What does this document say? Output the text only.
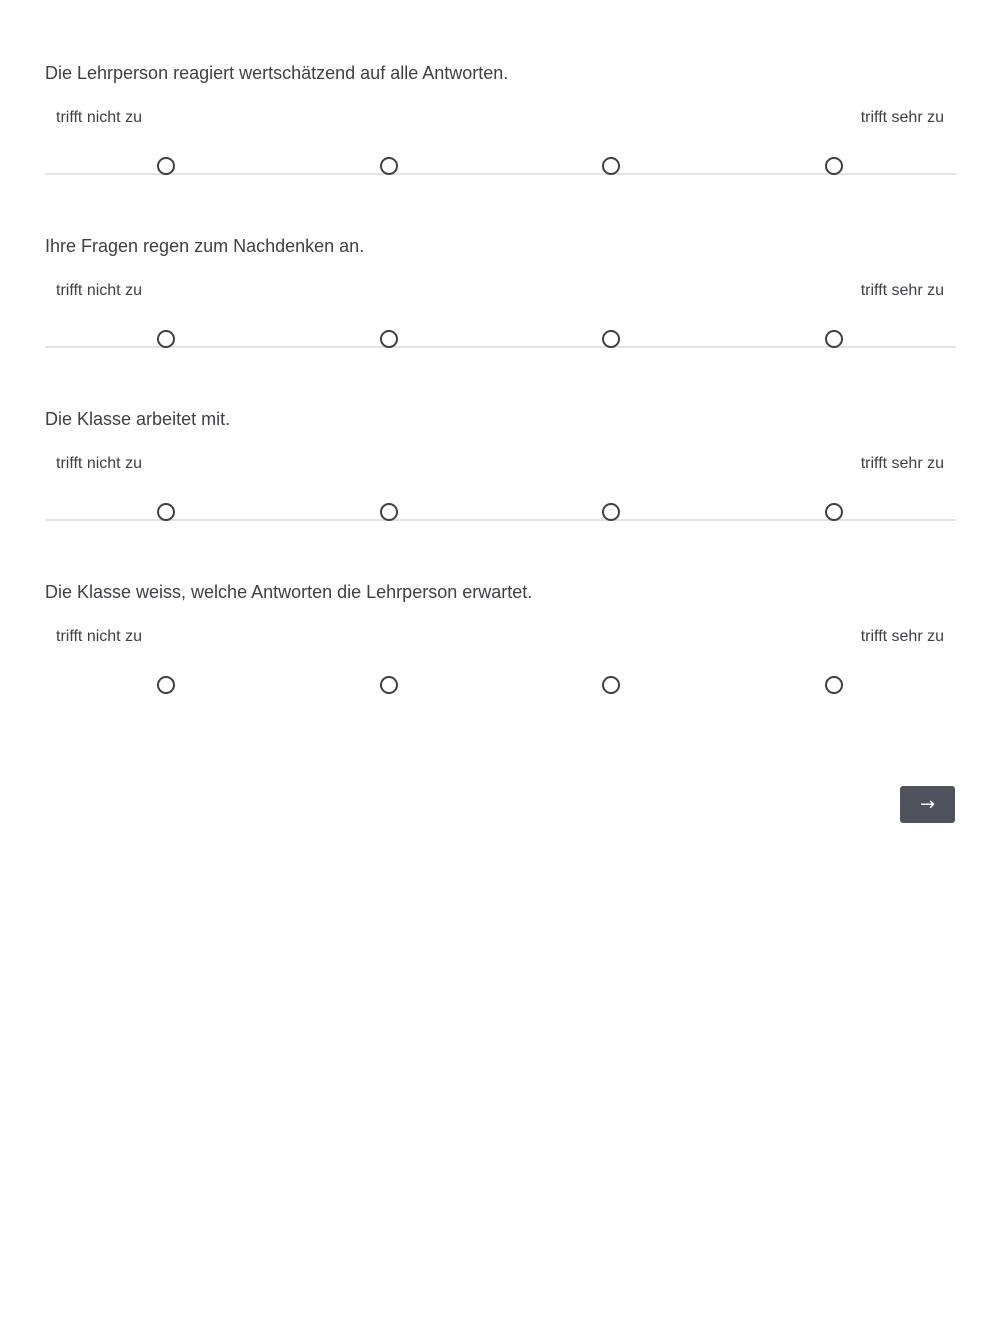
Die Lehrperson reagiert wertschätzend auf alle Antworten.
trifft nicht zu	trifft sehr zu
Ihre Fragen regen zum Nachdenken an.
trifft nicht zu	trifft sehr zu
Die Klasse arbeitet mit.
trifft nicht zu	trifft sehr zu
Die Klasse weiss, welche Antworten die Lehrperson erwartet.
trifft nicht zu	trifft sehr zu
→
